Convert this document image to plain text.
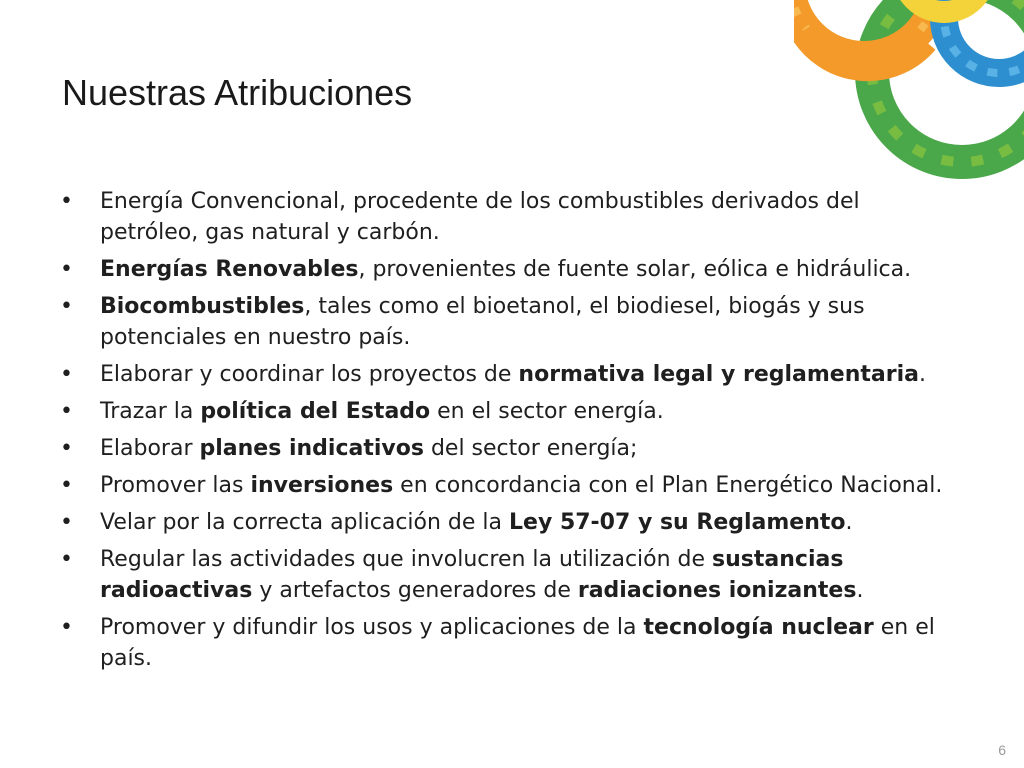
Nuestras Atribuciones
•	Energía Convencional, procedente de los combustibles derivados del petróleo, gas natural y carbón.
•	Energías Renovables, provenientes de fuente solar, eólica e hidráulica.
•	Biocombustibles, tales como el bioetanol, el biodiesel, biogás y sus potenciales en nuestro país.
•	Elaborar y coordinar los proyectos de normativa legal y reglamentaria.
•	Trazar la política del Estado en el sector energía.
•	Elaborar planes indicativos del sector energía;
•	Promover las inversiones en concordancia con el Plan Energético Nacional.
•	Velar por la correcta aplicación de la Ley 57-07 y su Reglamento.
•	Regular las actividades que involucren la utilización de sustancias radioactivas y artefactos generadores de radiaciones ionizantes.
•	Promover y difundir los usos y aplicaciones de la tecnología nuclear en el país.
6
